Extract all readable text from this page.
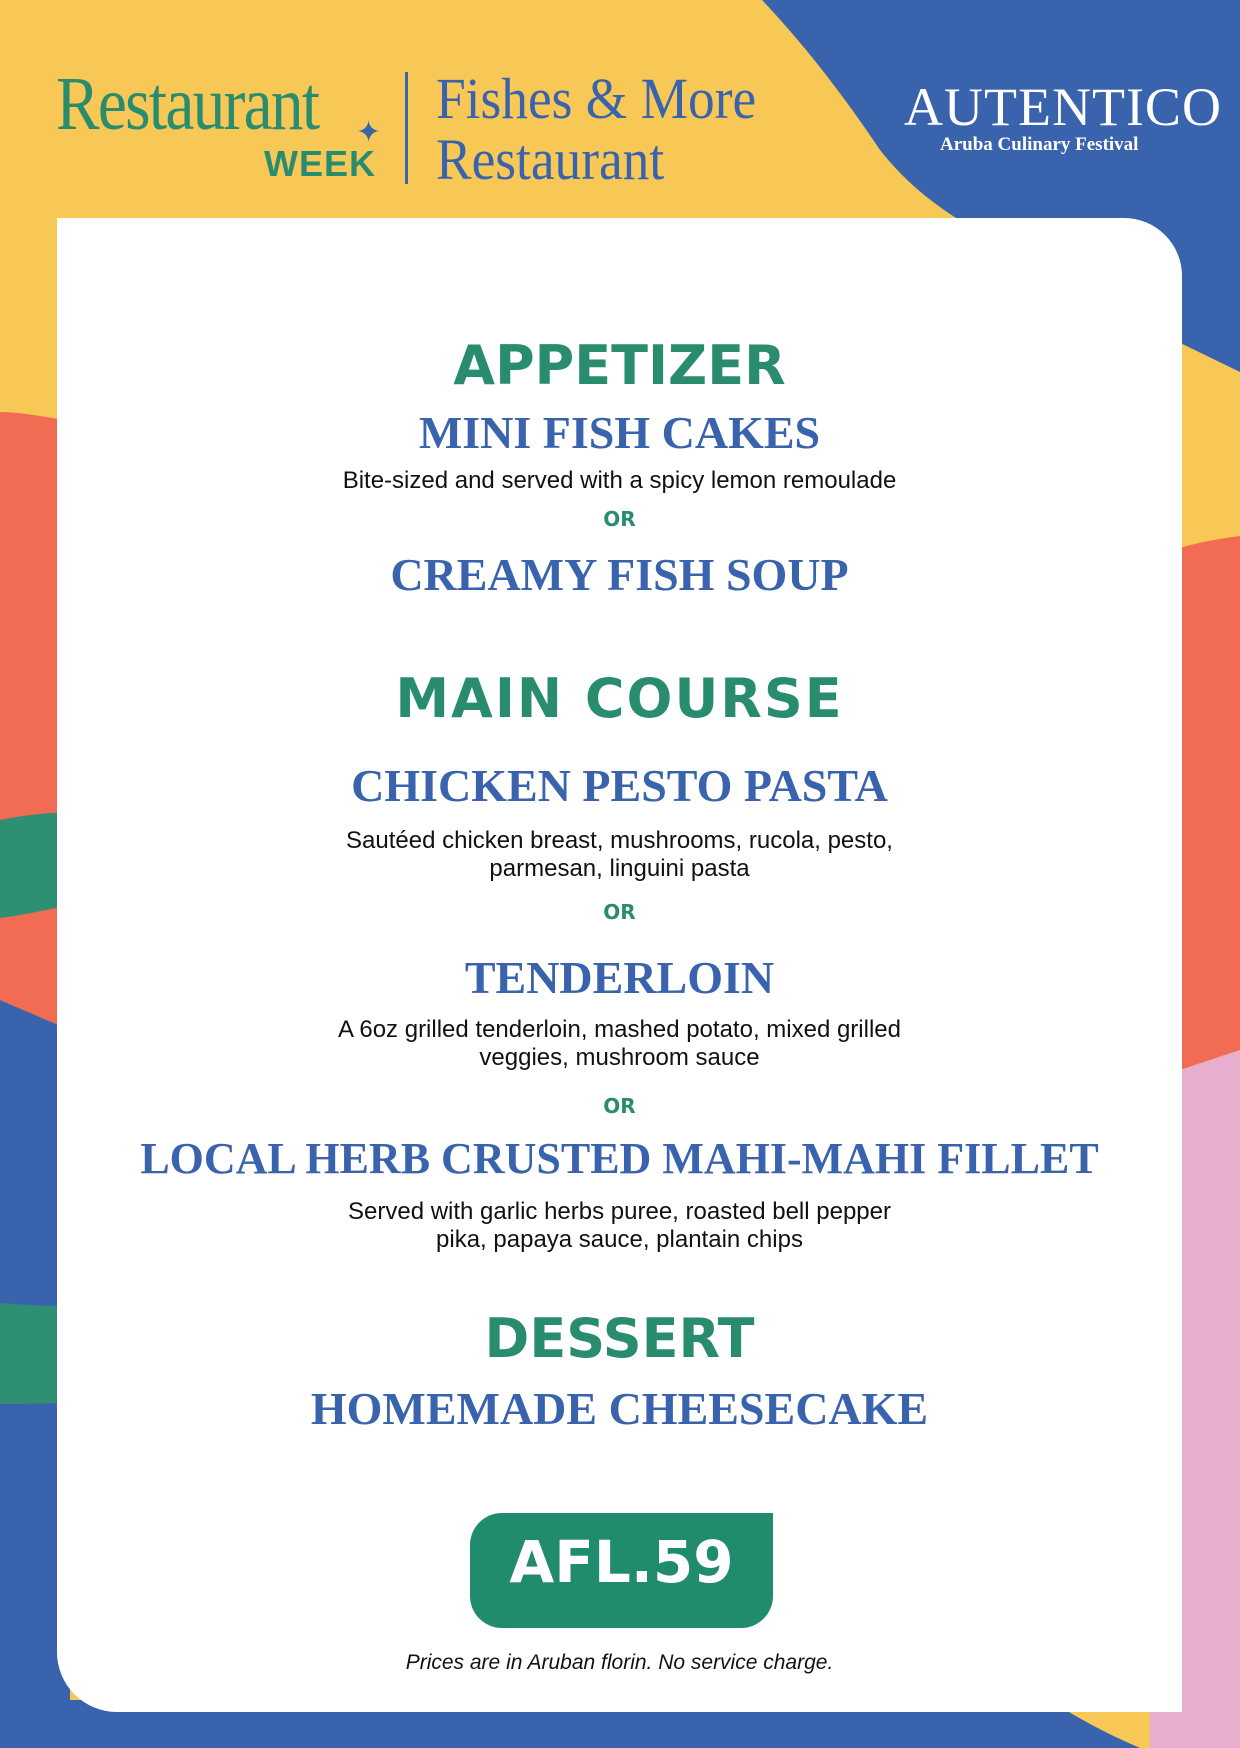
Restaurant ✦
WEEK
Fishes & More
Restaurant
AUTENTICO
Aruba Culinary Festival
APPETIZER
MINI FISH CAKES
Bite-sized and served with a spicy lemon remoulade
OR
CREAMY FISH SOUP
MAIN COURSE
CHICKEN PESTO PASTA
Sautéed chicken breast, mushrooms, rucola, pesto,
parmesan, linguini pasta
OR
TENDERLOIN
A 6oz grilled tenderloin, mashed potato, mixed grilled
veggies, mushroom sauce
OR
LOCAL HERB CRUSTED MAHI-MAHI FILLET
Served with garlic herbs puree, roasted bell pepper
pika, papaya sauce, plantain chips
DESSERT
HOMEMADE CHEESECAKE
AFL.59
Prices are in Aruban florin. No service charge.
